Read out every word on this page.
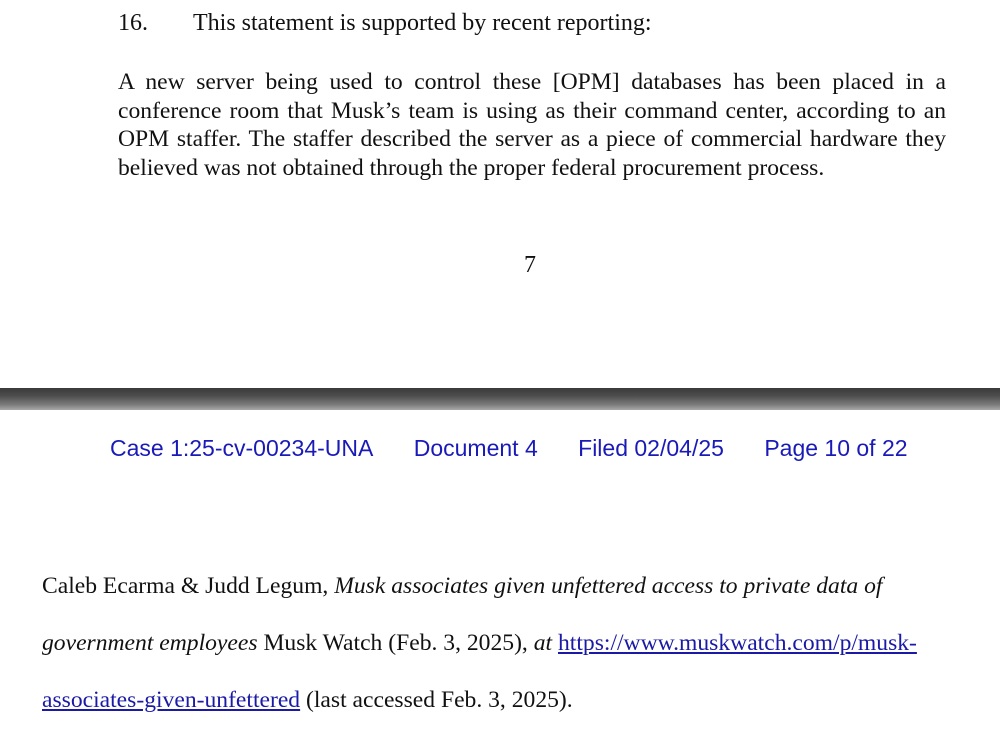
16. This statement is supported by recent reporting:
A new server being used to control these [OPM] databases has been placed in a conference room that Musk’s team is using as their command center, according to an OPM staffer. The staffer described the server as a piece of commercial hardware they believed was not obtained through the proper federal procurement process.
7
Case 1:25-cv-00234-UNA Document 4 Filed 02/04/25 Page 10 of 22
Caleb Ecarma & Judd Legum, Musk associates given unfettered access to private data of
government employees Musk Watch (Feb. 3, 2025), at https://www.muskwatch.com/p/musk-
associates-given-unfettered (last accessed Feb. 3, 2025).
